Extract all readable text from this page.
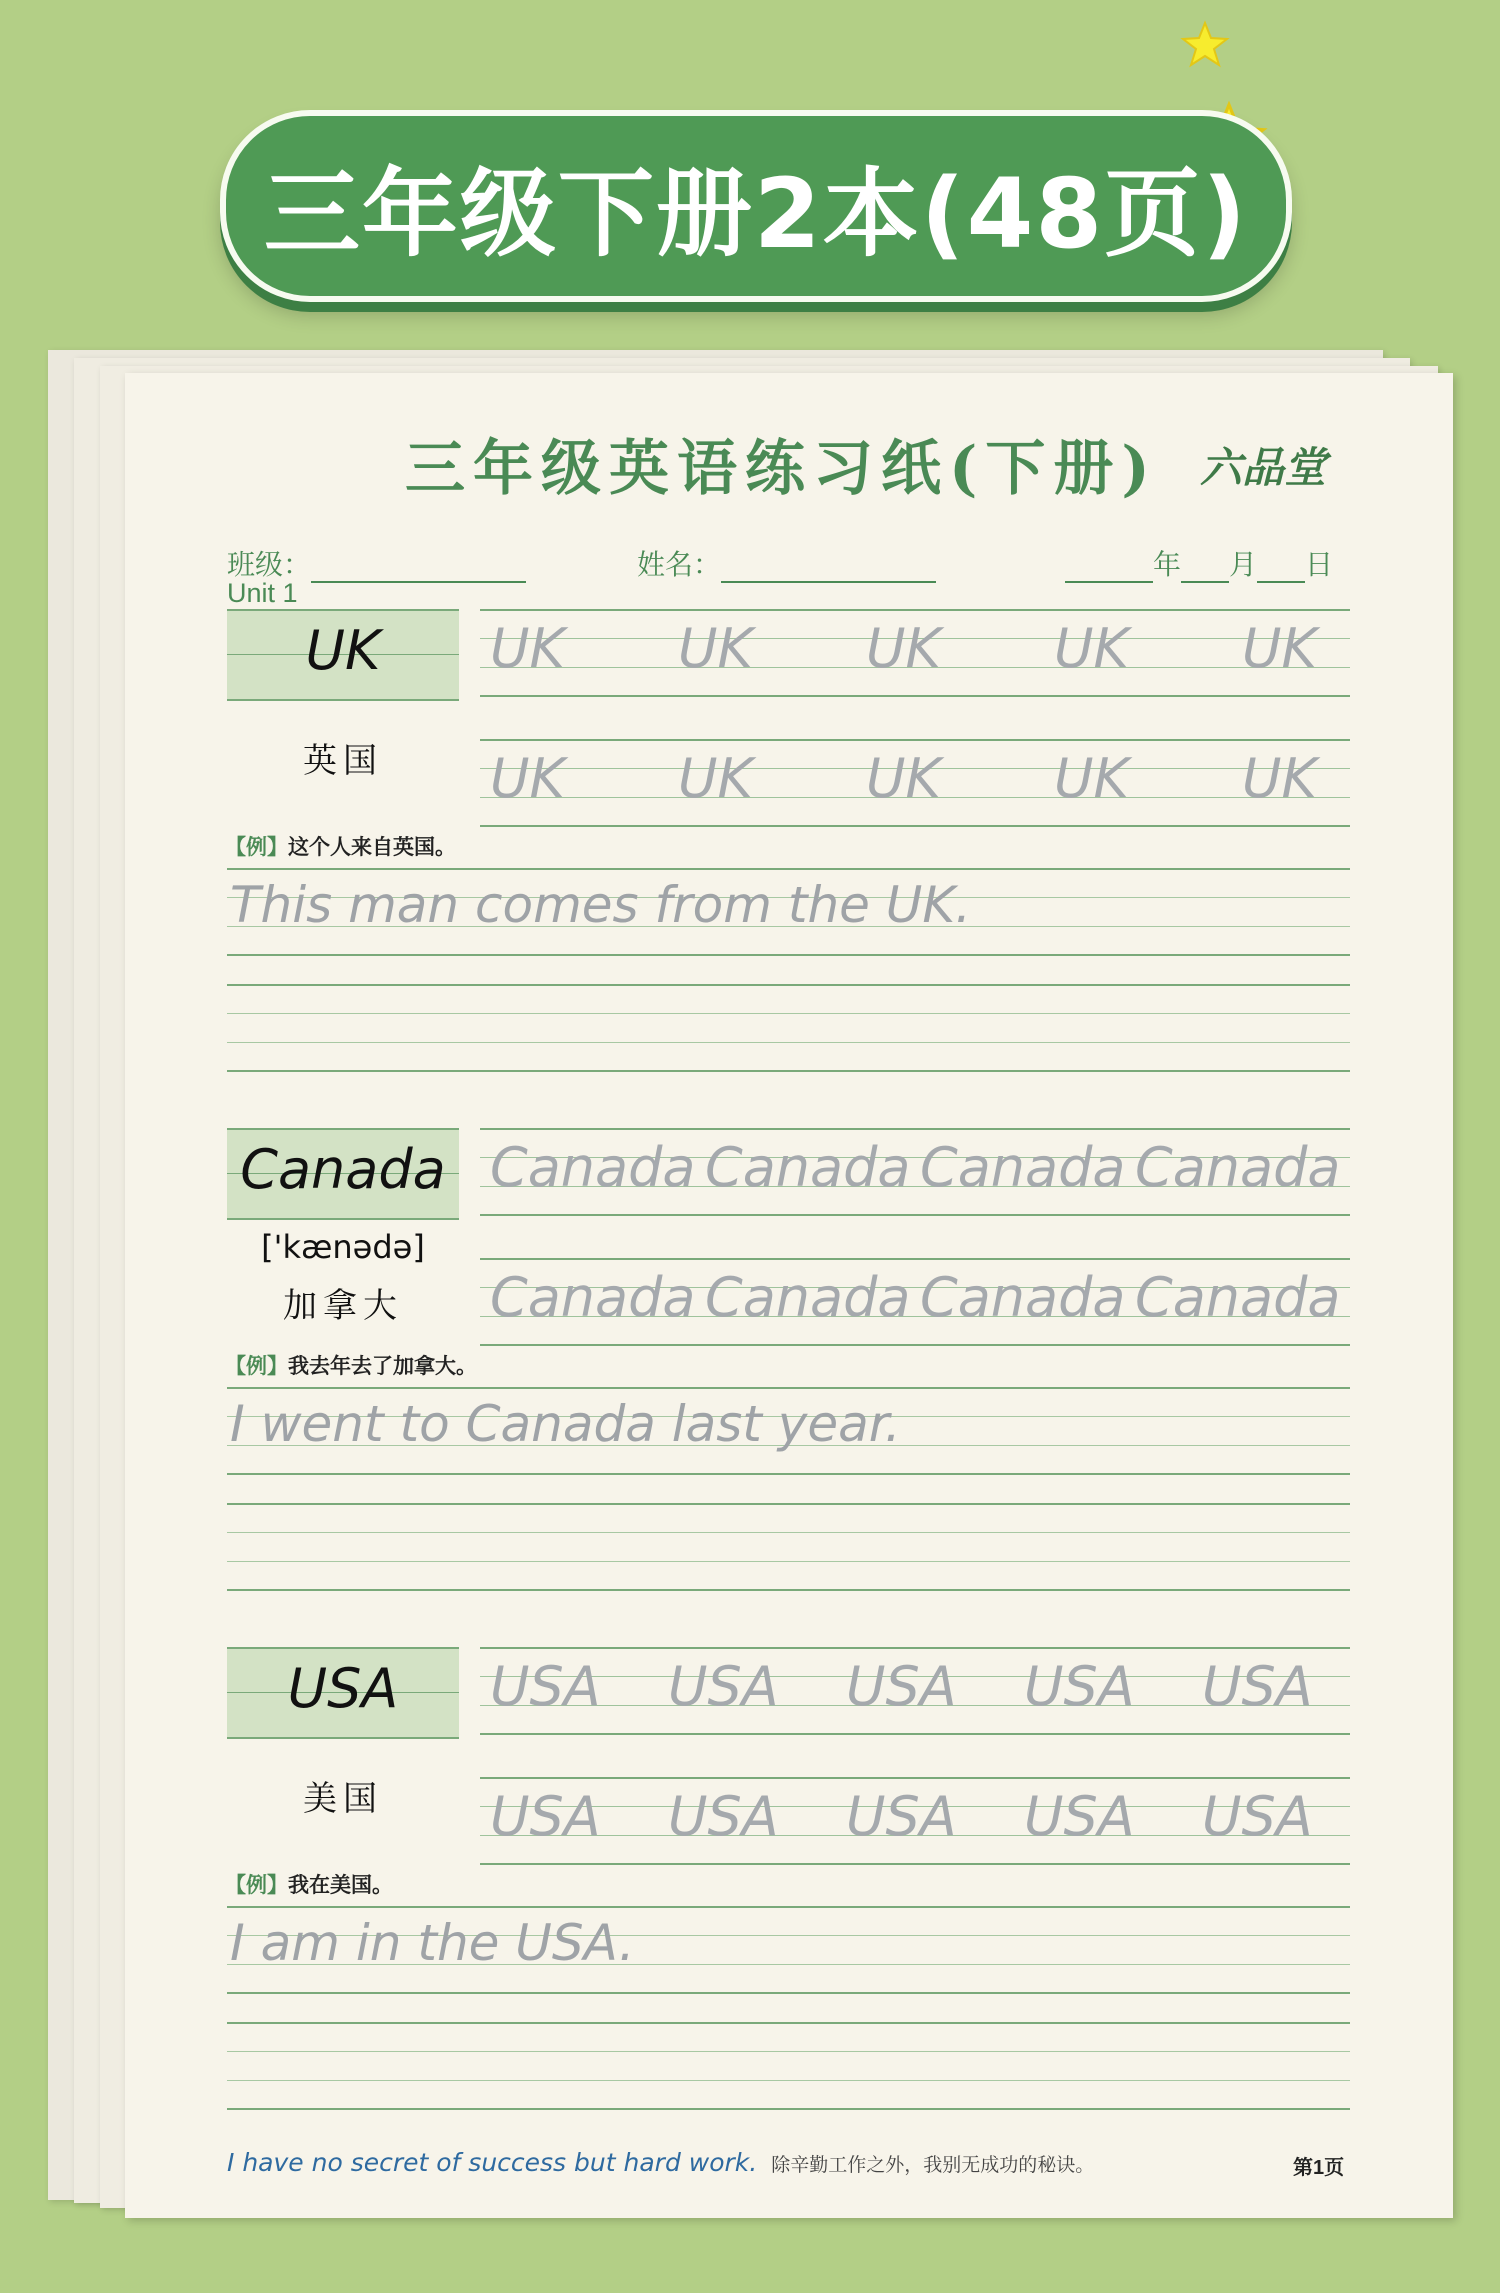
三年级下册2本(48页)
三年级英语练习纸(下册) 六品堂
班级：	姓名：	年 月 日
Unit 1
UK
英国
UK UK UK UK UK
UK UK UK UK UK
【例】这个人来自英国。
This man comes from the UK.
Canada
['kænədə]
加拿大
Canada Canada Canada Canada
Canada Canada Canada Canada
【例】我去年去了加拿大。
I went to Canada last year.
USA
美国
USA USA USA USA USA
USA USA USA USA USA
【例】我在美国。
I am in the USA.
I have no secret of success but hard work. 除辛勤工作之外，我别无成功的秘诀。	第1页
